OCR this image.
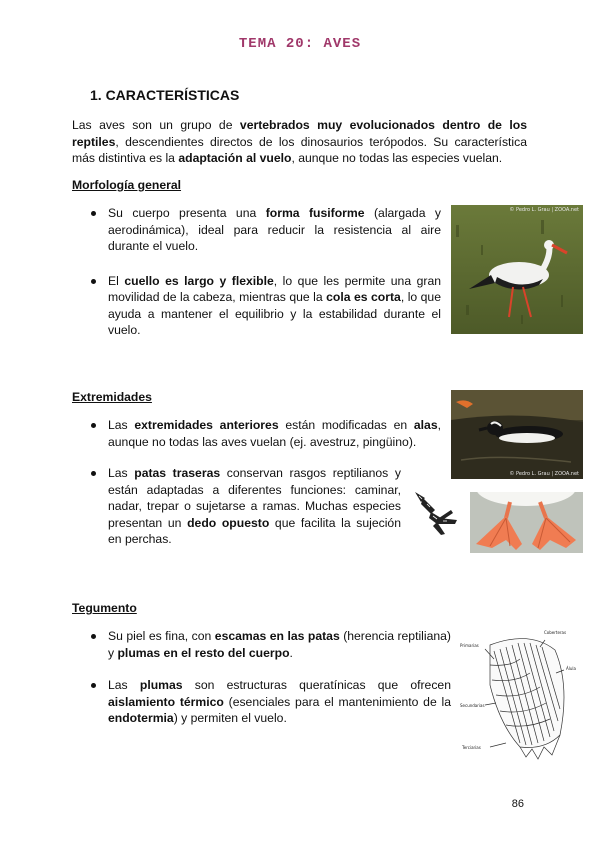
TEMA 20: AVES
1. CARACTERÍSTICAS
Las aves son un grupo de vertebrados muy evolucionados dentro de los reptiles, descendientes directos de los dinosaurios terópodos. Su característica más distintiva es la adaptación al vuelo, aunque no todas las especies vuelan.
Morfología general
Su cuerpo presenta una forma fusiforme (alargada y aerodinámica), ideal para reducir la resistencia al aire durante el vuelo.
El cuello es largo y flexible, lo que les permite una gran movilidad de la cabeza, mientras que la cola es corta, lo que ayuda a mantener el equilibrio y la estabilidad durante el vuelo.
© Pedro L. Grau | ZOOA.net
Extremidades
Las extremidades anteriores están modificadas en alas, aunque no todas las aves vuelan (ej. avestruz, pingüino).
Las patas traseras conservan rasgos reptilianos y están adaptadas a diferentes funciones: caminar, nadar, trepar o sujetarse a ramas. Muchas especies presentan un dedo opuesto que facilita la sujeción en perchas.
© Pedro L. Grau | ZOOA.net
Tegumento
Su piel es fina, con escamas en las patas (herencia reptiliana) y plumas en el resto del cuerpo.
Las plumas son estructuras queratínicas que ofrecen aislamiento térmico (esenciales para el mantenimiento de la endotermia) y permiten el vuelo.
Primarias
Coberteras
Álula
Secundarias
Terciarias
86
